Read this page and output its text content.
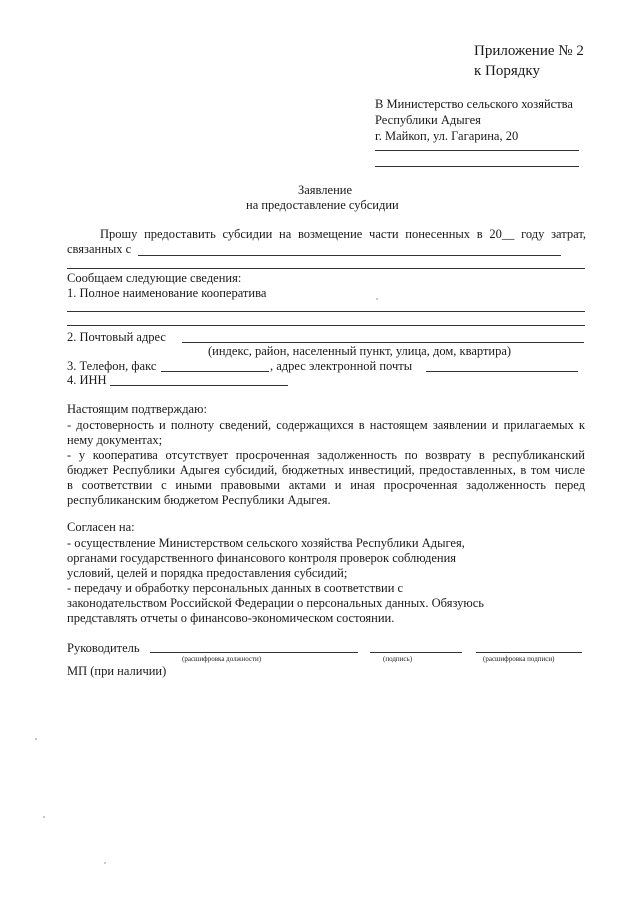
Приложение № 2
к Порядку
В Министерство сельского хозяйства
Республики Адыгея
г. Майкоп, ул. Гагарина, 20
Заявление
на предоставление субсидии
Прошу предоставить субсидии на возмещение части понесенных в 20__ году затрат,
связанных с
Сообщаем следующие сведения:
1. Полное наименование кооператива
2. Почтовый адрес
(индекс, район, населенный пункт, улица, дом, квартира)
3. Телефон, факс	, адрес электронной почты
4. ИНН
Настоящим подтверждаю:
- достоверность и полноту сведений, содержащихся в настоящем заявлении и прилагаемых к
нему документах;
- у кооператива отсутствует просроченная задолженность по возврату в республиканский
бюджет Республики Адыгея субсидий, бюджетных инвестиций, предоставленных, в том числе
в соответствии с иными правовыми актами и иная просроченная задолженность перед
республиканским бюджетом Республики Адыгея.
Согласен на:
- осуществление Министерством сельского хозяйства Республики Адыгея,
органами государственного финансового контроля проверок соблюдения
условий, целей и порядка предоставления субсидий;
- передачу и обработку персональных данных в соответствии с
законодательством Российской Федерации о персональных данных. Обязуюсь
представлять отчеты о финансово-экономическом состоянии.
Руководитель
(расшифровка должности)	(подпись)	(расшифровка подписи)
МП (при наличии)
